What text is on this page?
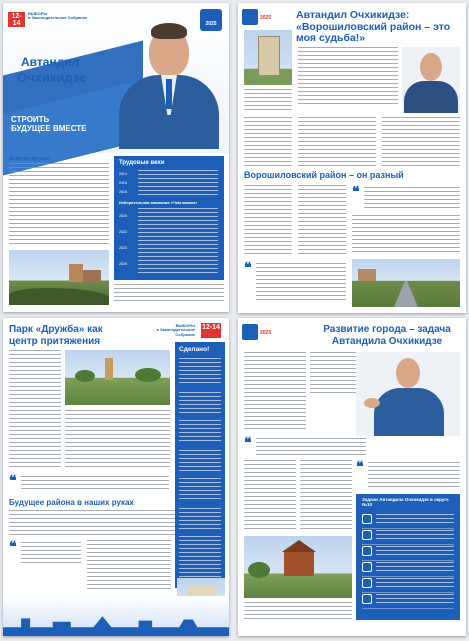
12-14
ВЫБОРЫ
в Законодательное Собрание
2025
Автандил
Очхикидзе
СТРОИТЬ
БУДУЩЕЕ ВМЕСТЕ
Дорогие друзья!
Трудовые вехи
2014
2016
2018
Избирательная кампания «Чем можем»
2020
2022
2023
2025
2025 Автандил Очхикидзе: «Ворошиловский район – это моя судьба!»
Ворошиловский район – он разный
❝
❝
Парк «Дружба» как центр притяжения
ВЫБОРЫ
в Законодательное Собрание
12-14
Сделано!
❝
Будущее района в наших руках
❝
2025	Развитие города – задача Автандила Очхикидзе
❝
❝
Задачи Автандила Очхикидзе в округе №10
